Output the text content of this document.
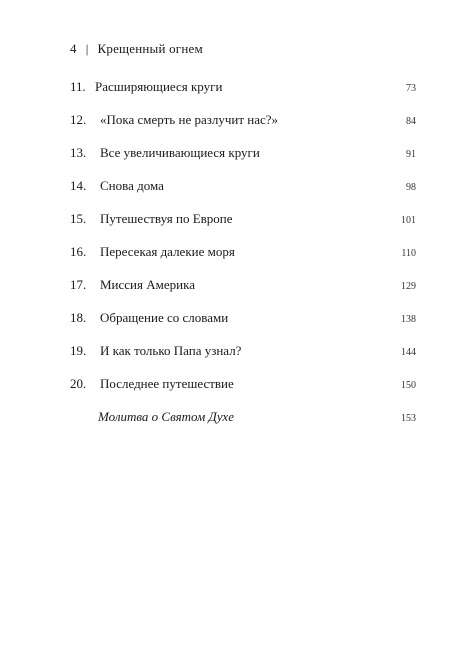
4 | Крещенный огнем
11. Расширяющиеся круги	73
12. «Пока смерть не разлучит нас?»	84
13. Все увеличивающиеся круги	91
14. Снова дома	98
15. Путешествуя по Европе	101
16. Пересекая далекие моря	110
17. Миссия Америка	129
18. Обращение со словами	138
19. И как только Папа узнал?	144
20. Последнее путешествие	150
Молитва о Святом Духе	153
